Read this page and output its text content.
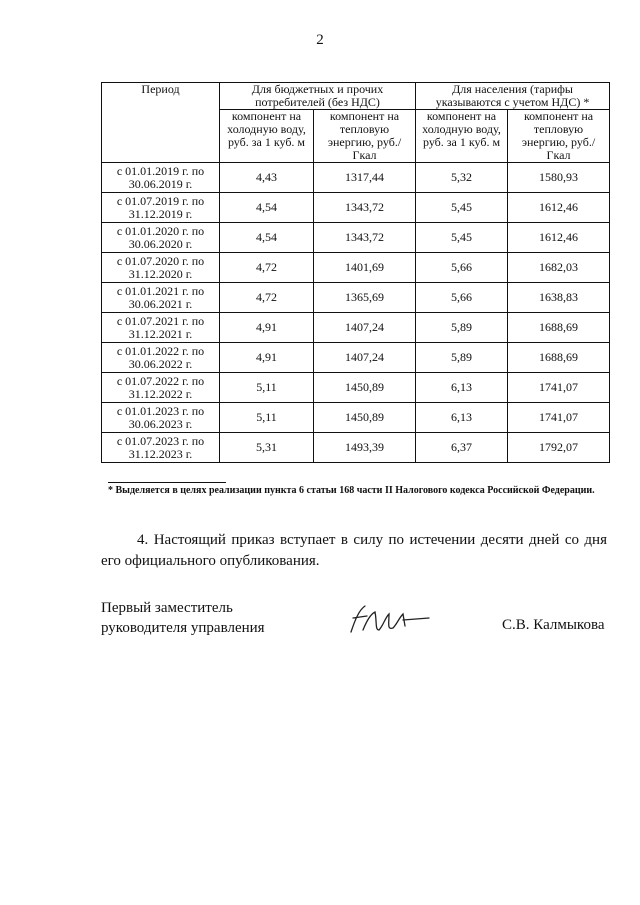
2
Период	Для бюджетных и прочих потребителей (без НДС)		Для населения (тарифы указываются с учетом НДС) *	
	компонент на холодную воду, руб. за 1 куб. м	компонент на тепловую энергию, руб./Гкал	компонент на холодную воду, руб. за 1 куб. м	компонент на тепловую энергию, руб./Гкал
с 01.01.2019 г. по 30.06.2019 г.	4,43	1317,44	5,32	1580,93
с 01.07.2019 г. по 31.12.2019 г.	4,54	1343,72	5,45	1612,46
с 01.01.2020 г. по 30.06.2020 г.	4,54	1343,72	5,45	1612,46
с 01.07.2020 г. по 31.12.2020 г.	4,72	1401,69	5,66	1682,03
с 01.01.2021 г. по 30.06.2021 г.	4,72	1365,69	5,66	1638,83
с 01.07.2021 г. по 31.12.2021 г.	4,91	1407,24	5,89	1688,69
с 01.01.2022 г. по 30.06.2022 г.	4,91	1407,24	5,89	1688,69
с 01.07.2022 г. по 31.12.2022 г.	5,11	1450,89	6,13	1741,07
с 01.01.2023 г. по 30.06.2023 г.	5,11	1450,89	6,13	1741,07
с 01.07.2023 г. по 31.12.2023 г.	5,31	1493,39	6,37	1792,07
* Выделяется в целях реализации пункта 6 статьи 168 части II Налогового кодекса Российской Федерации.
4. Настоящий приказ вступает в силу по истечении десяти дней со дня его официального опубликования.
Первый заместитель
руководителя управления	С.В. Калмыкова
